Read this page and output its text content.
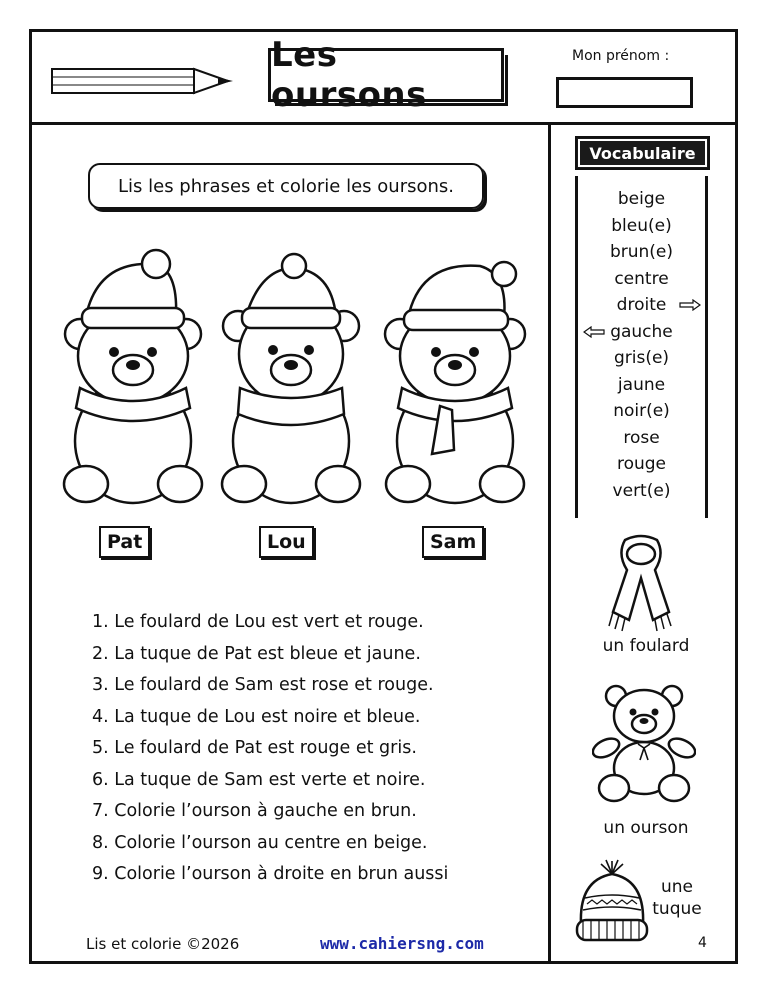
Les oursons
Mon prénom :
Lis les phrases et colorie les oursons.
Pat	Lou	Sam
1. Le foulard de Lou est vert et rouge.
2. La tuque de Pat est bleue et jaune.
3. Le foulard de Sam est rose et rouge.
4. La tuque de Lou est noire et bleue.
5. Le foulard de Pat est rouge et gris.
6. La tuque de Sam est verte et noire.
7. Colorie l’ourson à gauche en brun.
8. Colorie l’ourson au centre en beige.
9. Colorie l’ourson à droite en brun aussi
Vocabulaire
beige
bleu(e)
brun(e)
centre
droite
gauche
gris(e)
jaune
noir(e)
rose
rouge
vert(e)
un foulard
un ourson
une
tuque
Lis et colorie ©2026	www.cahiersng.com	4
